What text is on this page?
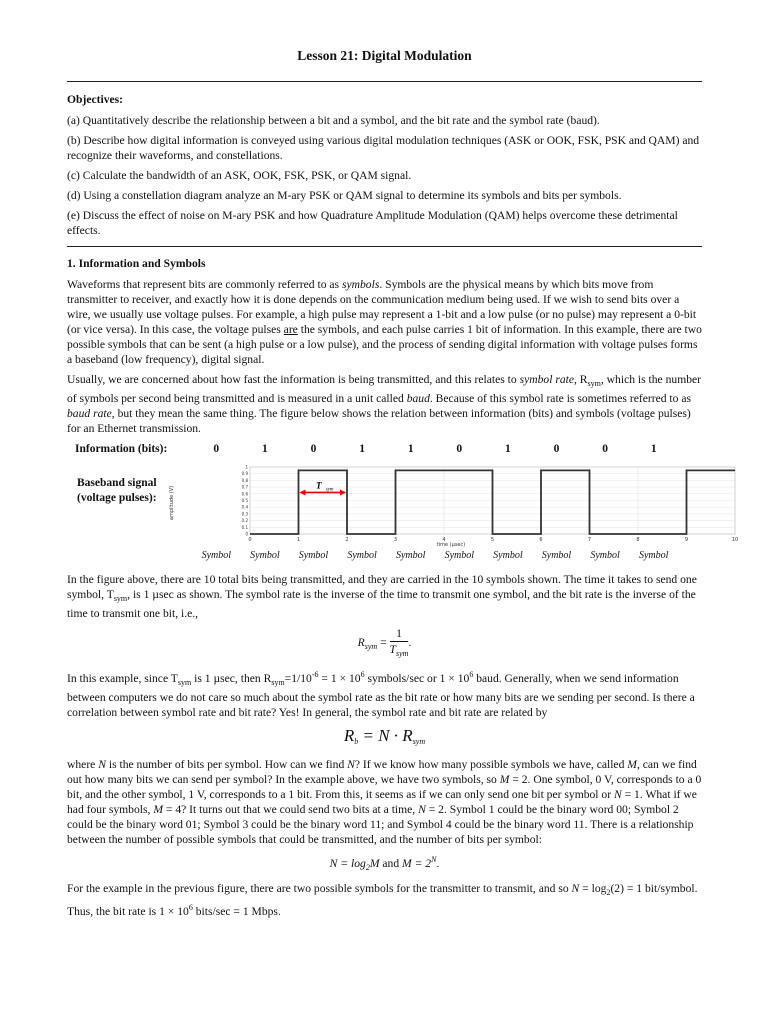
Lesson 21: Digital Modulation
Objectives:

(a) Quantitatively describe the relationship between a bit and a symbol, and the bit rate and the symbol rate (baud).

(b) Describe how digital information is conveyed using various digital modulation techniques (ASK or OOK, FSK, PSK and QAM) and recognize their waveforms, and constellations.

(c) Calculate the bandwidth of an ASK, OOK, FSK, PSK, or QAM signal.

(d) Using a constellation diagram analyze an M-ary PSK or QAM signal to determine its symbols and bits per symbols.

(e) Discuss the effect of noise on M-ary PSK and how Quadrature Amplitude Modulation (QAM) helps overcome these detrimental effects.

1. Information and Symbols

Waveforms that represent bits are commonly referred to as symbols. Symbols are the physical means by which bits move from transmitter to receiver, and exactly how it is done depends on the communication medium being used. If we wish to send bits over a wire, we usually use voltage pulses. For example, a high pulse may represent a 1-bit and a low pulse (or no pulse) may represent a 0-bit (or vice versa). In this case, the voltage pulses are the symbols, and each pulse carries 1 bit of information. In this example, there are two possible symbols that can be sent (a high pulse or a low pulse), and the process of sending digital information with voltage pulses forms a baseband (low frequency), digital signal.

Usually, we are concerned about how fast the information is being transmitted, and this relates to symbol rate, $R_{sym}$, which is the number of symbols per second being transmitted and is measured in a unit called baud. Because of this symbol rate is sometimes referred to as baud rate, but they mean the same thing. The figure below shows the relation between information (bits) and symbols (voltage pulses) for an Ethernet transmission.

Information (bits):
Baseband signal
(voltage pulses):
0	1	0	1	1	0	1	0	0	1
0	1	2	3	4	5	6	7	8	9	10
0
0.1
0.2
0.3
0.4
0.5
0.6
0.7
0.8
0.9
1
T sym
amplitude (V)
time (µsec)
Symbol	Symbol	Symbol	Symbol	Symbol	Symbol	Symbol	Symbol	Symbol	Symbol

In the figure above, there are 10 total bits being transmitted, and they are carried in the 10 symbols shown. The time it takes to send one symbol, $T_{sym}$, is 1 µsec as shown. The symbol rate is the inverse of the time to transmit one symbol, and the bit rate is the inverse of the time to transmit one bit, i.e.,

$R_{sym} = \frac{1}{T_{sym}}$ .

In this example, since $T_{sym}$ is 1 µsec, then $R_{sym}=1/10^{-6} = 1 \times 10^6$ symbols/sec or $1 \times 10^6$ baud. Generally, when we send information between computers we do not care so much about the symbol rate as the bit rate or how many bits are we sending per second. Is there a correlation between symbol rate and bit rate? Yes! In general, the symbol rate and bit rate are related by

$R_b = N \cdot R_{sym}$

where N is the number of bits per symbol. How can we find N? If we know how many possible symbols we have, called M, can we find out how many bits we can send per symbol? In the example above, we have two symbols, so M = 2. One symbol, 0 V, corresponds to a 0 bit, and the other symbol, 1 V, corresponds to a 1 bit. From this, it seems as if we can only send one bit per symbol or N = 1. What if we had four symbols, M = 4? It turns out that we could send two bits at a time, N = 2. Symbol 1 could be the binary word 00; Symbol 2 could be the binary word 01; Symbol 3 could be the binary word 11; and Symbol 4 could be the binary word 11. There is a relationship between the number of possible symbols that could be transmitted, and the number of bits per symbol:

$N = \log_2M$ and $M = 2^N$.

For the example in the previous figure, there are two possible symbols for the transmitter to transmit, and so $N = \log_2(2) = 1$ bit/symbol. Thus, the bit rate is $1 \times 10^6$ bits/sec = 1 Mbps.
